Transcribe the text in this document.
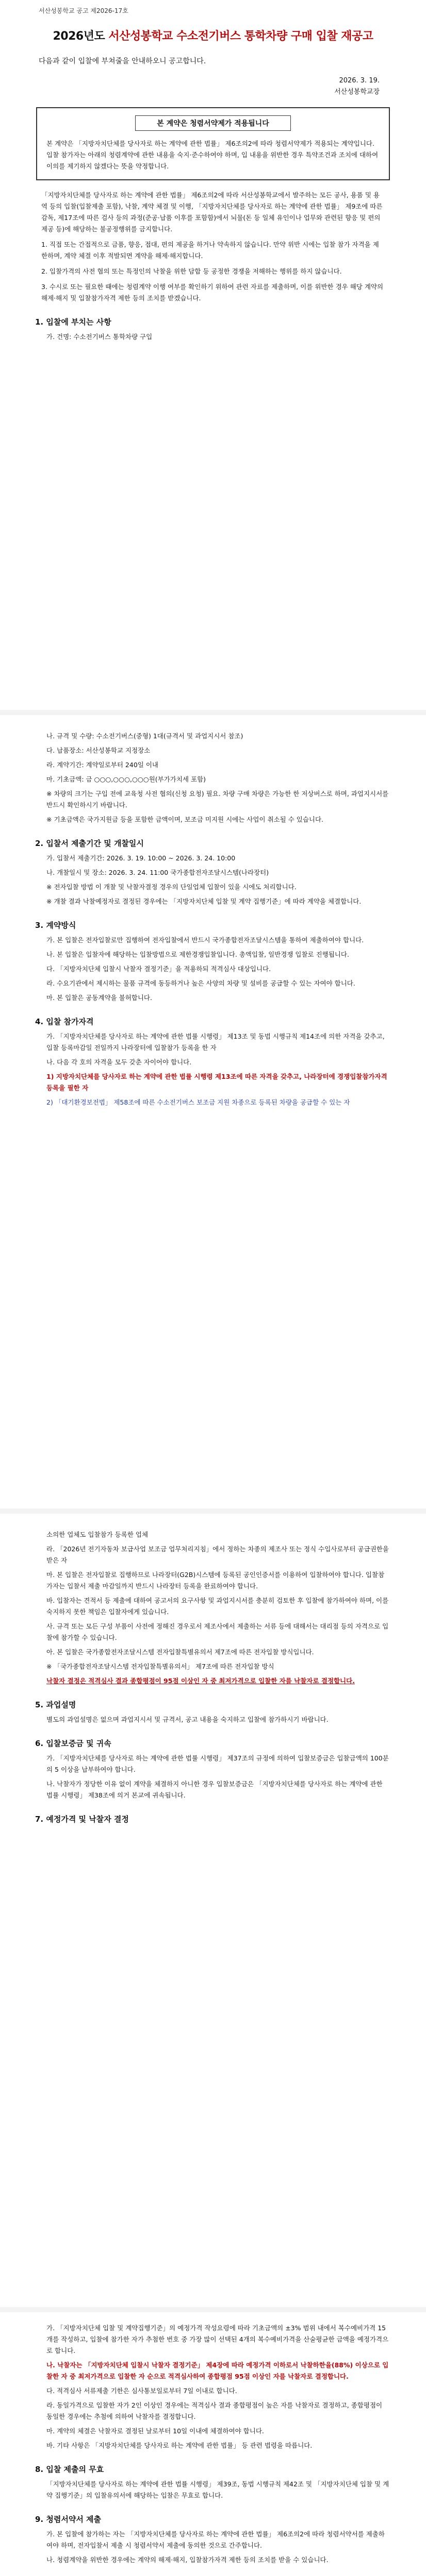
서산성봉학교 공고 제2026-17호
2026년도 서산성봉학교 수소전기버스 통학차량 구매 입찰 재공고
다음과 같이 입찰에 부쳐줄을 안내하오니 공고합니다.
2026. 3. 19.
서산성봉학교장
본 계약은 청렴서약제가 적용됩니다
본 계약은 「지방자치단체를 당사자로 하는 계약에 관한 법률」 제6조의2에 따라 청렴서약제가 적용되는 계약입니다. 입찰 참가자는 아래의 청렴계약에 관한 내용을 숙지·준수하여야 하며, 입 내용을 위반한 경우 특약조건과 조치에 대하여 이의를 제기하지 않겠다는 뜻을 약정합니다.

「지방자치단체를 당사자로 하는 계약에 관한 법률」 제6조의2에 따라 서산성봉학교에서 발주하는 모든 공사, 용품 및 용역 등의 입찰(입찰제출 포함), 낙찰, 계약 체결 및 이행, 「지방자치단체를 당사자로 하는 계약에 관한 법률」 제9조에 따른 감독, 제17조에 따른 검사 등의 과정(준공·납품 이후를 포함함)에서 뇌물(돈 등 일체 유인이나 업무와 관련된 향응 및 편의 제공 등)에 해당하는 불공정행위를 금지합니다.

1. 직접 또는 간접적으로 금품, 향응, 접대, 편의 제공을 하거나 약속하지 않습니다. 만약 위반 시에는 입찰 참가 자격을 제한하며, 계약 체결 이후 적발되면 계약을 해제·해지합니다.

2. 입찰가격의 사전 협의 또는 특정인의 낙찰을 위한 담합 등 공정한 경쟁을 저해하는 행위를 하지 않습니다.

3. 수시로 또는 필요한 때에는 청렴계약 이행 여부를 확인하기 위하여 관련 자료를 제출하며, 이를 위반한 경우 해당 계약의 해제·해지 및 입찰참가자격 제한 등의 조치를 받겠습니다.

1. 입찰에 부치는 사항

가. 건명: 수소전기버스 통학차량 구입

나. 규격 및 수량: 수소전기버스(중형) 1대(규격서 및 과업지시서 참조)

다. 납품장소: 서산성봉학교 지정장소

라. 계약기간: 계약일로부터 240일 이내

마. 기초금액: 금 ○○○,○○○,○○○원(부가가치세 포함)

※ 차량의 크기는 구입 전에 교육청 사전 협의(신청 요청) 필요. 차량 구매 차량은 가능한 한 저상버스로 하며, 과업지시서를 반드시 확인하시기 바랍니다.

※ 기초금액은 국가지원금 등을 포함한 금액이며, 보조금 미지원 시에는 사업이 취소될 수 있습니다.

2. 입찰서 제출기간 및 개찰일시

가. 입찰서 제출기간: 2026. 3. 19. 10:00 ~ 2026. 3. 24. 10:00

나. 개찰일시 및 장소: 2026. 3. 24. 11:00 국가종합전자조달시스템(나라장터)

※ 전자입찰 방법 이 개찰 및 낙찰자결정 경우의 단일업체 입찰이 있을 시에도 처리합니다.

※ 개찰 결과 낙찰예정자로 결정된 경우에는 「지방자치단체 입찰 및 계약 집행기준」에 따라 계약을 체결합니다.

3. 계약방식

가. 본 입찰은 전자입찰로만 집행하여 전자입찰에서 반드시 국가종합전자조달시스템을 통하여 제출하여야 합니다.

나. 본 입찰은 입찰자에 해당하는 입찰방법으로 제한경쟁입찰입니다. 총액입찰, 일반경쟁 입찰로 진행됩니다.

다. 「지방자치단체 입찰시 낙찰자 결정기준」을 적용하되 적격심사 대상입니다.

라. 수요기관에서 제시하는 물품 규격에 동등하거나 높은 사양의 차량 및 설비를 공급할 수 있는 자여야 합니다.

마. 본 입찰은 공동계약을 불허합니다.

4. 입찰 참가자격

가. 「지방자치단체를 당사자로 하는 계약에 관한 법률 시행령」 제13조 및 동법 시행규칙 제14조에 의한 자격을 갖추고, 입찰 등록마감일 전일까지 나라장터에 입찰참가 등록을 한 자

나. 다음 각 호의 자격을 모두 갖춘 자이어야 합니다.

1) 지방자치단체를 당사자로 하는 계약에 관한 법률 시행령 제13조에 따른 자격을 갖추고, 나라장터에 경쟁입찰참가자격 등록을 필한 자

2) 「대기환경보전법」 제58조에 따른 수소전기버스 보조금 지원 차종으로 등록된 차량을 공급할 수 있는 자

소의한 업체도 입찰참가 등록한 업체

라. 「2026년 전기자동차 보급사업 보조금 업무처리지침」에서 정하는 차종의 제조사 또는 정식 수입사로부터 공급권한을 받은 자

마. 본 입찰은 전자입찰로 집행하므로 나라장터(G2B)시스템에 등록된 공인인증서를 이용하여 입찰하여야 합니다. 입찰참가자는 입찰서 제출 마감일까지 반드시 나라장터 등록을 완료하여야 합니다.

바. 입찰자는 견적서 등 제출에 대하여 공고서의 요구사항 및 과업지시서를 충분히 검토한 후 입찰에 참가하여야 하며, 이를 숙지하지 못한 책임은 입찰자에게 있습니다.

사. 규격 또는 모든 구성 부품이 사전에 정해진 경우로서 제조사에서 제출하는 서류 등에 대해서는 대리점 등의 자격으로 입찰에 참가할 수 있습니다.

아. 본 입찰은 국가종합전자조달시스템 전자입찰특별유의서 제7조에 따른 전자입찰 방식입니다.

※ 「국가종합전자조달시스템 전자입찰특별유의서」 제7조에 따른 전자입찰 방식

낙찰자 결정은 적격심사 결과 종합평점이 95점 이상인 자 중 최저가격으로 입찰한 자를 낙찰자로 결정합니다.

5. 과업설명

별도의 과업설명은 없으며 과업지시서 및 규격서, 공고 내용을 숙지하고 입찰에 참가하시기 바랍니다.

6. 입찰보증금 및 귀속

가. 「지방자치단체를 당사자로 하는 계약에 관한 법률 시행령」 제37조의 규정에 의하여 입찰보증금은 입찰금액의 100분의 5 이상을 납부하여야 합니다.

나. 낙찰자가 정당한 이유 없이 계약을 체결하지 아니한 경우 입찰보증금은 「지방자치단체를 당사자로 하는 계약에 관한 법률 시행령」 제38조에 의거 본교에 귀속됩니다.

7. 예정가격 및 낙찰자 결정

가. 「지방자치단체 입찰 및 계약집행기준」의 예정가격 작성요령에 따라 기초금액의 ±3% 범위 내에서 복수예비가격 15개를 작성하고, 입찰에 참가한 자가 추첨한 번호 중 가장 많이 선택된 4개의 복수예비가격을 산술평균한 금액을 예정가격으로 합니다.

나. 낙찰자는 「지방자치단체 입찰시 낙찰자 결정기준」 제4장에 따라 예정가격 이하로서 낙찰하한율(88%) 이상으로 입찰한 자 중 최저가격으로 입찰한 자 순으로 적격심사하여 종합평점 95점 이상인 자를 낙찰자로 결정합니다.

다. 적격심사 서류제출 기한은 심사통보일로부터 7일 이내로 합니다.

라. 동일가격으로 입찰한 자가 2인 이상인 경우에는 적격심사 결과 종합평점이 높은 자를 낙찰자로 결정하고, 종합평점이 동일한 경우에는 추첨에 의하여 낙찰자를 결정합니다.

마. 계약의 체결은 낙찰자로 결정된 날로부터 10일 이내에 체결하여야 합니다.

바. 기타 사항은 「지방자치단체를 당사자로 하는 계약에 관한 법률」 등 관련 법령을 따릅니다.

8. 입찰 제출의 무효

「지방자치단체를 당사자로 하는 계약에 관한 법률 시행령」 제39조, 동법 시행규칙 제42조 및 「지방자치단체 입찰 및 계약 집행기준」의 입찰유의서에 해당하는 입찰은 무효로 합니다.

9. 청렴서약서 제출

가. 본 입찰에 참가하는 자는 「지방자치단체를 당사자로 하는 계약에 관한 법률」 제6조의2에 따라 청렴서약서를 제출하여야 하며, 전자입찰서 제출 시 청렴서약서 제출에 동의한 것으로 간주합니다.

나. 청렴계약을 위반한 경우에는 계약의 해제·해지, 입찰참가자격 제한 등의 조치를 받을 수 있습니다.
